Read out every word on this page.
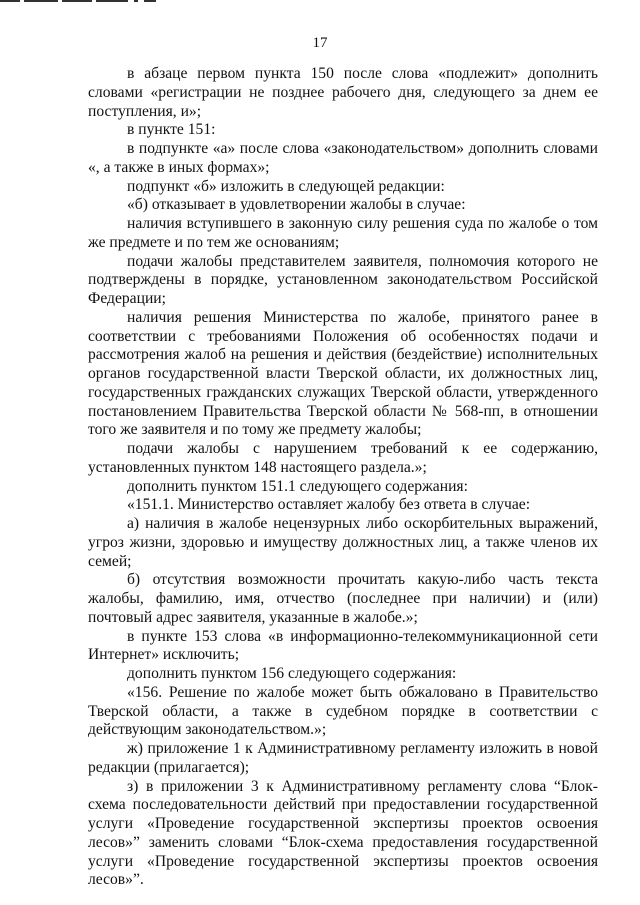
17

в абзаце первом пункта 150 после слова «подлежит» дополнить словами «регистрации не позднее рабочего дня, следующего за днем ее поступления, и»;

в пункте 151:

в подпункте «а» после слова «законодательством» дополнить словами «, а также в иных формах»;

подпункт «б» изложить в следующей редакции:

«б) отказывает в удовлетворении жалобы в случае:

наличия вступившего в законную силу решения суда по жалобе о том же предмете и по тем же основаниям;

подачи жалобы представителем заявителя, полномочия которого не подтверждены в порядке, установленном законодательством Российской Федерации;

наличия решения Министерства по жалобе, принятого ранее в соответствии с требованиями Положения об особенностях подачи и рассмотрения жалоб на решения и действия (бездействие) исполнительных органов государственной власти Тверской области, их должностных лиц, государственных гражданских служащих Тверской области, утвержденного постановлением Правительства Тверской области № 568-пп, в отношении того же заявителя и по тому же предмету жалобы;

подачи жалобы с нарушением требований к ее содержанию, установленных пунктом 148 настоящего раздела.»;

дополнить пунктом 151.1 следующего содержания:

«151.1. Министерство оставляет жалобу без ответа в случае:

а) наличия в жалобе нецензурных либо оскорбительных выражений, угроз жизни, здоровью и имуществу должностных лиц, а также членов их семей;

б) отсутствия возможности прочитать какую-либо часть текста жалобы, фамилию, имя, отчество (последнее при наличии) и (или) почтовый адрес заявителя, указанные в жалобе.»;

в пункте 153 слова «в информационно-телекоммуникационной сети Интернет» исключить;

дополнить пунктом 156 следующего содержания:

«156. Решение по жалобе может быть обжаловано в Правительство Тверской области, а также в судебном порядке в соответствии с действующим законодательством.»;

ж) приложение 1 к Административному регламенту изложить в новой редакции (прилагается);

з) в приложении 3 к Административному регламенту слова “Блок-схема последовательности действий при предоставлении государственной услуги «Проведение государственной экспертизы проектов освоения лесов»” заменить словами “Блок-схема предоставления государственной услуги «Проведение государственной экспертизы проектов освоения лесов»”.
